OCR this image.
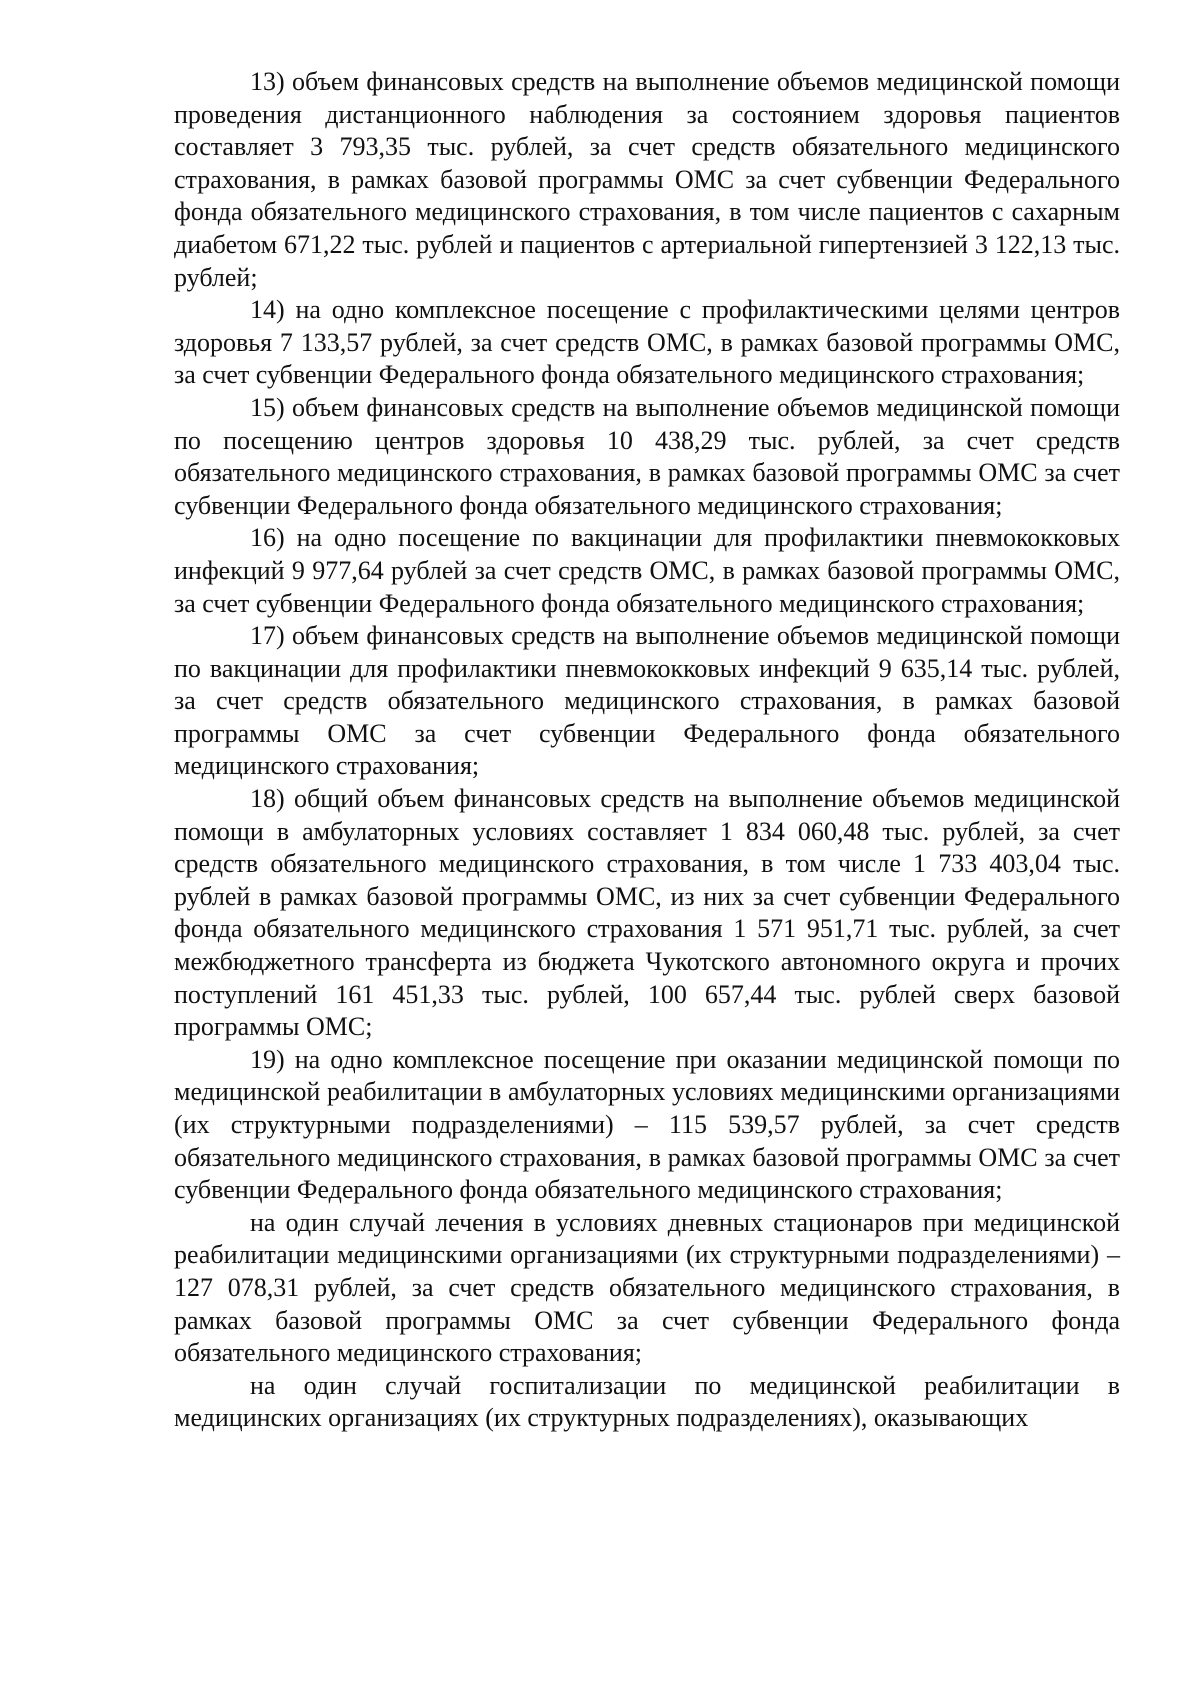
13) объем финансовых средств на выполнение объемов медицинской помощи проведения дистанционного наблюдения за состоянием здоровья пациентов составляет 3 793,35 тыс. рублей, за счет средств обязательного медицинского страхования, в рамках базовой программы ОМС за счет субвенции Федерального фонда обязательного медицинского страхования, в том числе пациентов с сахарным диабетом 671,22 тыс. рублей и пациентов с артериальной гипертензией 3 122,13 тыс. рублей;

14) на одно комплексное посещение с профилактическими целями центров здоровья 7 133,57 рублей, за счет средств ОМС, в рамках базовой программы ОМС, за счет субвенции Федерального фонда обязательного медицинского страхования;

15) объем финансовых средств на выполнение объемов медицинской помощи по посещению центров здоровья 10 438,29 тыс. рублей, за счет средств обязательного медицинского страхования, в рамках базовой программы ОМС за счет субвенции Федерального фонда обязательного медицинского страхования;

16) на одно посещение по вакцинации для профилактики пневмококковых инфекций 9 977,64 рублей за счет средств ОМС, в рамках базовой программы ОМС, за счет субвенции Федерального фонда обязательного медицинского страхования;

17) объем финансовых средств на выполнение объемов медицинской помощи по вакцинации для профилактики пневмококковых инфекций 9 635,14 тыс. рублей, за счет средств обязательного медицинского страхования, в рамках базовой программы ОМС за счет субвенции Федерального фонда обязательного медицинского страхования;

18) общий объем финансовых средств на выполнение объемов медицинской помощи в амбулаторных условиях составляет 1 834 060,48 тыс. рублей, за счет средств обязательного медицинского страхования, в том числе 1 733 403,04 тыс. рублей в рамках базовой программы ОМС, из них за счет субвенции Федерального фонда обязательного медицинского страхования 1 571 951,71 тыс. рублей, за счет межбюджетного трансферта из бюджета Чукотского автономного округа и прочих поступлений 161 451,33 тыс. рублей, 100 657,44 тыс. рублей сверх базовой программы ОМС;

19) на одно комплексное посещение при оказании медицинской помощи по медицинской реабилитации в амбулаторных условиях медицинскими организациями (их структурными подразделениями) – 115 539,57 рублей, за счет средств обязательного медицинского страхования, в рамках базовой программы ОМС за счет субвенции Федерального фонда обязательного медицинского страхования;

на один случай лечения в условиях дневных стационаров при медицинской реабилитации медицинскими организациями (их структурными подразделениями) – 127 078,31 рублей, за счет средств обязательного медицинского страхования, в рамках базовой программы ОМС за счет субвенции Федерального фонда обязательного медицинского страхования;

на один случай госпитализации по медицинской реабилитации в медицинских организациях (их структурных подразделениях), оказывающих
